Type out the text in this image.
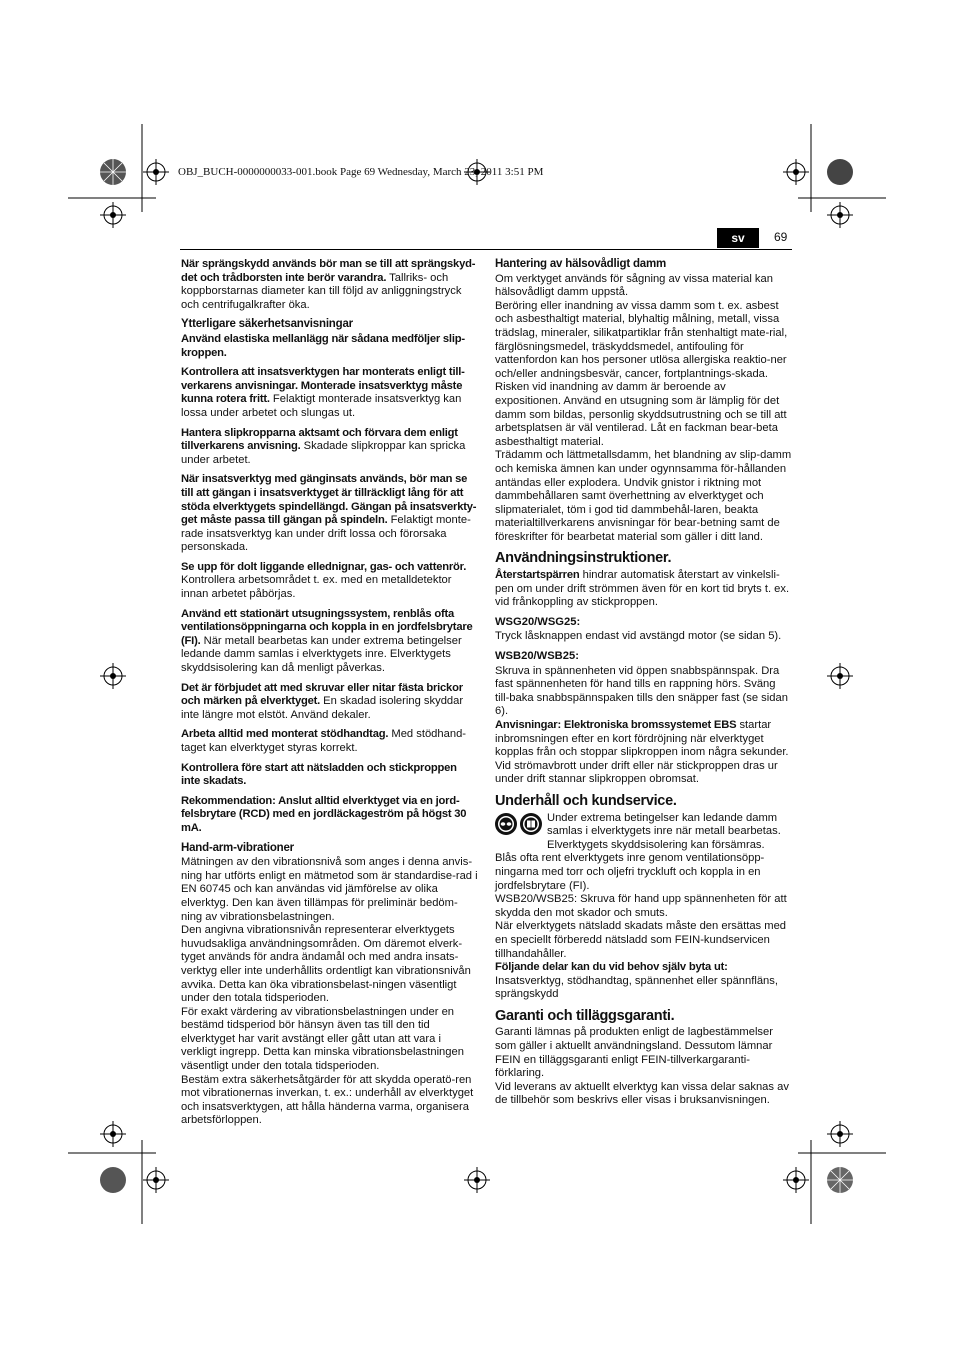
OBJ_BUCH-0000000033-001.book Page 69 Wednesday, March 23, 2011 3:51 PM
sv	69

När sprängskydd används bör man se till att sprängskyd-det och trådborsten inte berör varandra. Tallriks- och koppborstarnas diameter kan till följd av anliggningstryck och centrifugalkrafter öka.

Ytterligare säkerhetsanvisningar

Använd elastiska mellanlägg när sådana medföljer slip-kroppen.

Kontrollera att insatsverktygen har monterats enligt till-verkarens anvisningar. Monterade insatsverktyg måste kunna rotera fritt. Felaktigt monterade insatsverktyg kan lossa under arbetet och slungas ut.

Hantera slipkropparna aktsamt och förvara dem enligt tillverkarens anvisning. Skadade slipkroppar kan spricka under arbetet.

När insatsverktyg med gänginsats används, bör man se till att gängan i insatsverktyget är tillräckligt lång för att stöda elverktygets spindellängd. Gängan på insatsverkty-get måste passa till gängan på spindeln. Felaktigt monte-rade insatsverktyg kan under drift lossa och förorsaka personskada.

Se upp för dolt liggande ellednignar, gas- och vattenrör. Kontrollera arbetsområdet t. ex. med en metalldetektor innan arbetet påbörjas.

Använd ett stationärt utsugningssystem, renblås ofta ventilationsöppningarna och koppla in en jordfelsbrytare (FI). När metall bearbetas kan under extrema betingelser ledande damm samlas i elverktygets inre. Elverktygets skyddsisolering kan då menligt påverkas.

Det är förbjudet att med skruvar eller nitar fästa brickor och märken på elverktyget. En skadad isolering skyddar inte längre mot elstöt. Använd dekaler.

Arbeta alltid med monterat stödhandtag. Med stödhand-taget kan elverktyget styras korrekt.

Kontrollera före start att nätsladden och stickproppen inte skadats.

Rekommendation: Anslut alltid elverktyget via en jord-felsbrytare (RCD) med en jordläckageström på högst 30 mA.

Hand-arm-vibrationer

Mätningen av den vibrationsnivå som anges i denna anvis-ning har utförts enligt en mätmetod som är standardise-rad i EN 60745 och kan användas vid jämförelse av olika elverktyg. Den kan även tillämpas för preliminär bedöm-ning av vibrationsbelastningen.

Den angivna vibrationsnivån representerar elverktygets huvudsakliga användningsområden. Om däremot elverk-tyget används för andra ändamål och med andra insats-verktyg eller inte underhållits ordentligt kan vibrationsnivån avvika. Detta kan öka vibrationsbelast-ningen väsentligt under den totala tidsperioden.

För exakt värdering av vibrationsbelastningen under en bestämd tidsperiod bör hänsyn även tas till den tid elverktyget har varit avstängt eller gått utan att vara i verkligt ingrepp. Detta kan minska vibrationsbelastningen väsentligt under den totala tidsperioden.

Bestäm extra säkerhetsåtgärder för att skydda operatö-ren mot vibrationernas inverkan, t. ex.: underhåll av elverktyget och insatsverktygen, att hålla händerna varma, organisera arbetsförloppen.

Hantering av hälsovådligt damm

Om verktyget används för sågning av vissa material kan hälsovådligt damm uppstå.

Beröring eller inandning av vissa damm som t. ex. asbest och asbesthaltigt material, blyhaltig målning, metall, vissa trädslag, mineraler, silikatpartiklar från stenhaltigt mate-rial, färglösningsmedel, träskyddsmedel, antifouling för vattenfordon kan hos personer utlösa allergiska reaktio-ner och/eller andningsbesvär, cancer, fortplantnings-skada. Risken vid inandning av damm är beroende av expositionen. Använd en utsugning som är lämplig för det damm som bildas, personlig skyddsutrustning och se till att arbetsplatsen är väl ventilerad. Låt en fackman bear-beta asbesthaltigt material.

Trädamm och lättmetallsdamm, het blandning av slip-damm och kemiska ämnen kan under ogynnsamma för-hållanden antändas eller explodera. Undvik gnistor i riktning mot dammbehållaren samt överhettning av elverktyget och slipmaterialet, töm i god tid dammbehål-laren, beakta materialtillverkarens anvisningar för bear-betning samt de föreskrifter för bearbetat material som gäller i ditt land.

Användningsinstruktioner.

Återstartspärren hindrar automatisk återstart av vinkelsli-pen om under drift strömmen även för en kort tid bryts t. ex. vid frånkoppling av stickproppen.

WSG20/WSG25:

Tryck låsknappen endast vid avstängd motor (se sidan 5).

WSB20/WSB25:

Skruva in spännenheten vid öppen snabbspännspak. Dra fast spännenheten för hand tills en rappning hörs. Sväng till-baka snabbspännspaken tills den snäpper fast (se sidan 6).

Anvisningar: Elektroniska bromssystemet EBS startar inbromsningen efter en kort fördröjning när elverktyget kopplas från och stoppar slipkroppen inom några sekunder. Vid strömavbrott under drift eller när stickproppen dras ur under drift stannar slipkroppen obromsat.

Underhåll och kundservice.

Under extrema betingelser kan ledande damm samlas i elverktygets inre när metall bearbetas. Elverktygets skyddsisolering kan försämras.

Blås ofta rent elverktygets inre genom ventilationsöpp-ningarna med torr och oljefri tryckluft och koppla in en jordfelsbrytare (FI).

WSB20/WSB25: Skruva för hand upp spännenheten för att skydda den mot skador och smuts.

När elverktygets nätsladd skadats måste den ersättas med en speciellt förberedd nätsladd som FEIN-kundservicen tillhandahåller.

Följande delar kan du vid behov själv byta ut:

Insatsverktyg, stödhandtag, spännenhet eller spännfläns, sprängskydd

Garanti och tilläggsgaranti.

Garanti lämnas på produkten enligt de lagbestämmelser som gäller i aktuellt användningsland. Dessutom lämnar FEIN en tilläggsgaranti enligt FEIN-tillverkargaranti-förklaring.

Vid leverans av aktuellt elverktyg kan vissa delar saknas av de tillbehör som beskrivs eller visas i bruksanvisningen.
